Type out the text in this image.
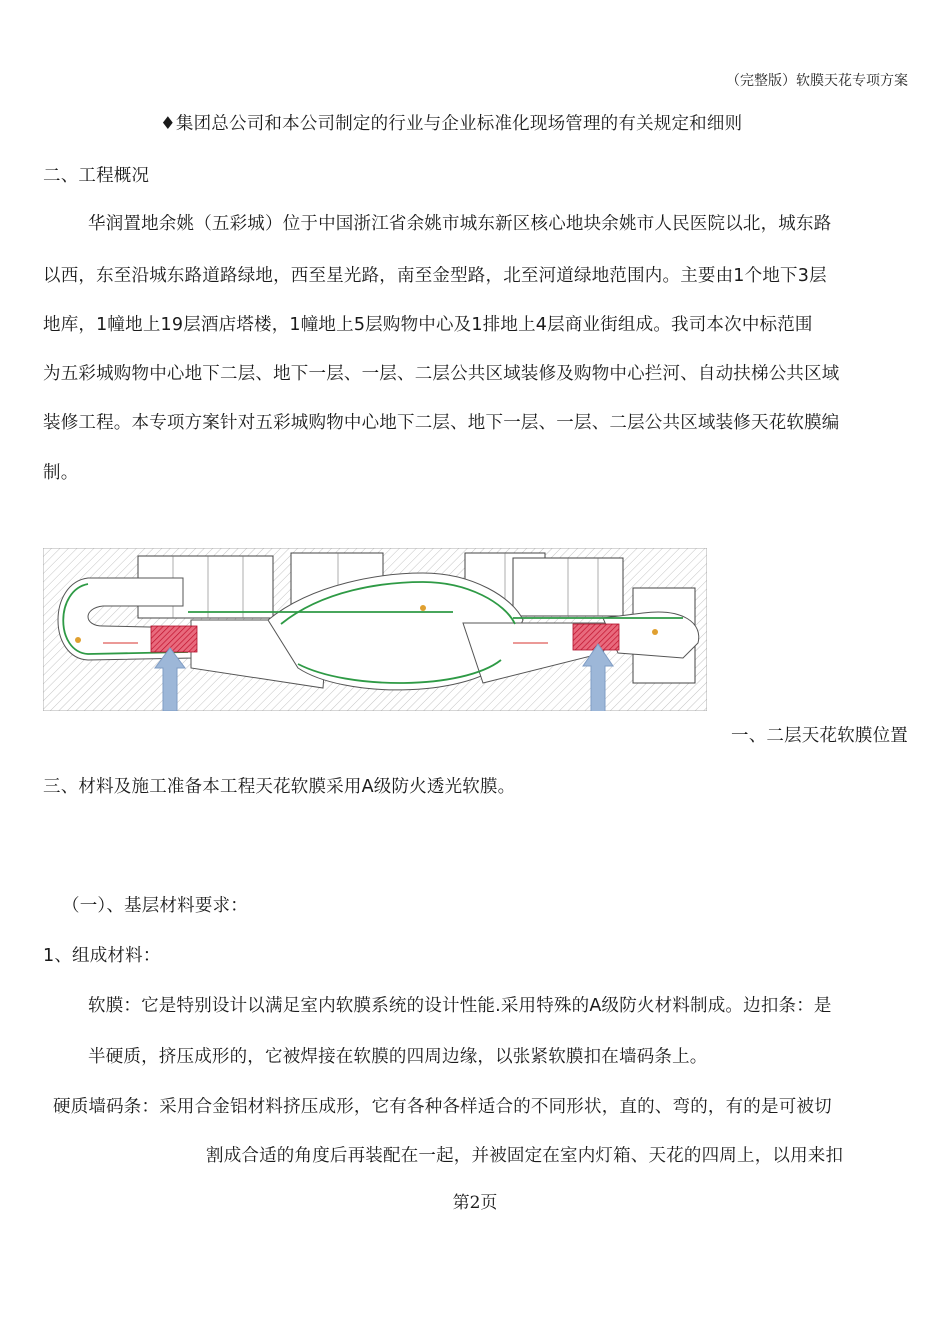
（完整版）软膜天花专项方案
♦集团总公司和本公司制定的行业与企业标准化现场管理的有关规定和细则
二、工程概况
华润置地余姚（五彩城）位于中国浙江省余姚市城东新区核心地块余姚市人民医院以北，城东路
以西，东至沿城东路道路绿地，西至星光路，南至金型路，北至河道绿地范围内。主要由1个地下3层
地库，1幢地上19层酒店塔楼，1幢地上5层购物中心及1排地上4层商业街组成。我司本次中标范围
为五彩城购物中心地下二层、地下一层、一层、二层公共区域装修及购物中心拦河、自动扶梯公共区域
装修工程。本专项方案针对五彩城购物中心地下二层、地下一层、一层、二层公共区域装修天花软膜编
制。
一、二层天花软膜位置
三、材料及施工准备本工程天花软膜采用A级防火透光软膜。
（一）、基层材料要求：
1、组成材料：
软膜：它是特别设计以满足室内软膜系统的设计性能.采用特殊的A级防火材料制成。边扣条：是
半硬质，挤压成形的，它被焊接在软膜的四周边缘，以张紧软膜扣在墙码条上。
硬质墙码条：采用合金铝材料挤压成形，它有各种各样适合的不同形状，直的、弯的，有的是可被切
割成合适的角度后再装配在一起，并被固定在室内灯箱、天花的四周上，以用来扣
第2页
